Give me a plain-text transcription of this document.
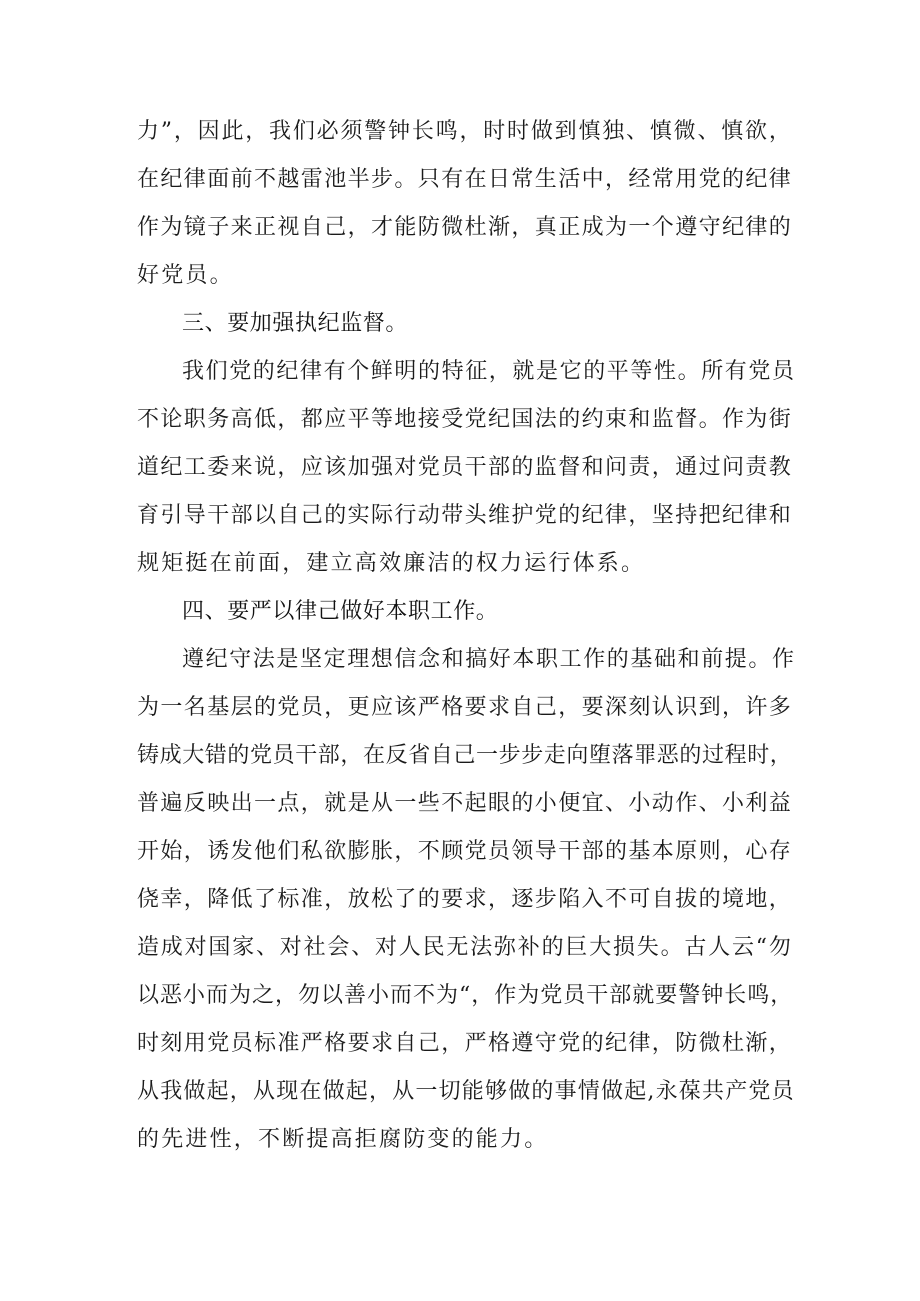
力”，因此，我们必须警钟长鸣，时时做到慎独、慎微、慎欲，

在纪律面前不越雷池半步。只有在日常生活中，经常用党的纪律

作为镜子来正视自己，才能防微杜渐，真正成为一个遵守纪律的

好党员。

三、要加强执纪监督。

我们党的纪律有个鲜明的特征，就是它的平等性。所有党员

不论职务高低，都应平等地接受党纪国法的约束和监督。作为街

道纪工委来说，应该加强对党员干部的监督和问责，通过问责教

育引导干部以自己的实际行动带头维护党的纪律，坚持把纪律和

规矩挺在前面，建立高效廉洁的权力运行体系。

四、要严以律己做好本职工作。

遵纪守法是坚定理想信念和搞好本职工作的基础和前提。作

为一名基层的党员，更应该严格要求自己，要深刻认识到，许多

铸成大错的党员干部，在反省自己一步步走向堕落罪恶的过程时，

普遍反映出一点，就是从一些不起眼的小便宜、小动作、小利益

开始，诱发他们私欲膨胀，不顾党员领导干部的基本原则，心存

侥幸，降低了标准，放松了的要求，逐步陷入不可自拔的境地，

造成对国家、对社会、对人民无法弥补的巨大损失。古人云“勿

以恶小而为之，勿以善小而不为“，作为党员干部就要警钟长鸣，

时刻用党员标准严格要求自己，严格遵守党的纪律，防微杜渐，

从我做起，从现在做起，从一切能够做的事情做起,永葆共产党员

的先进性，不断提高拒腐防变的能力。
